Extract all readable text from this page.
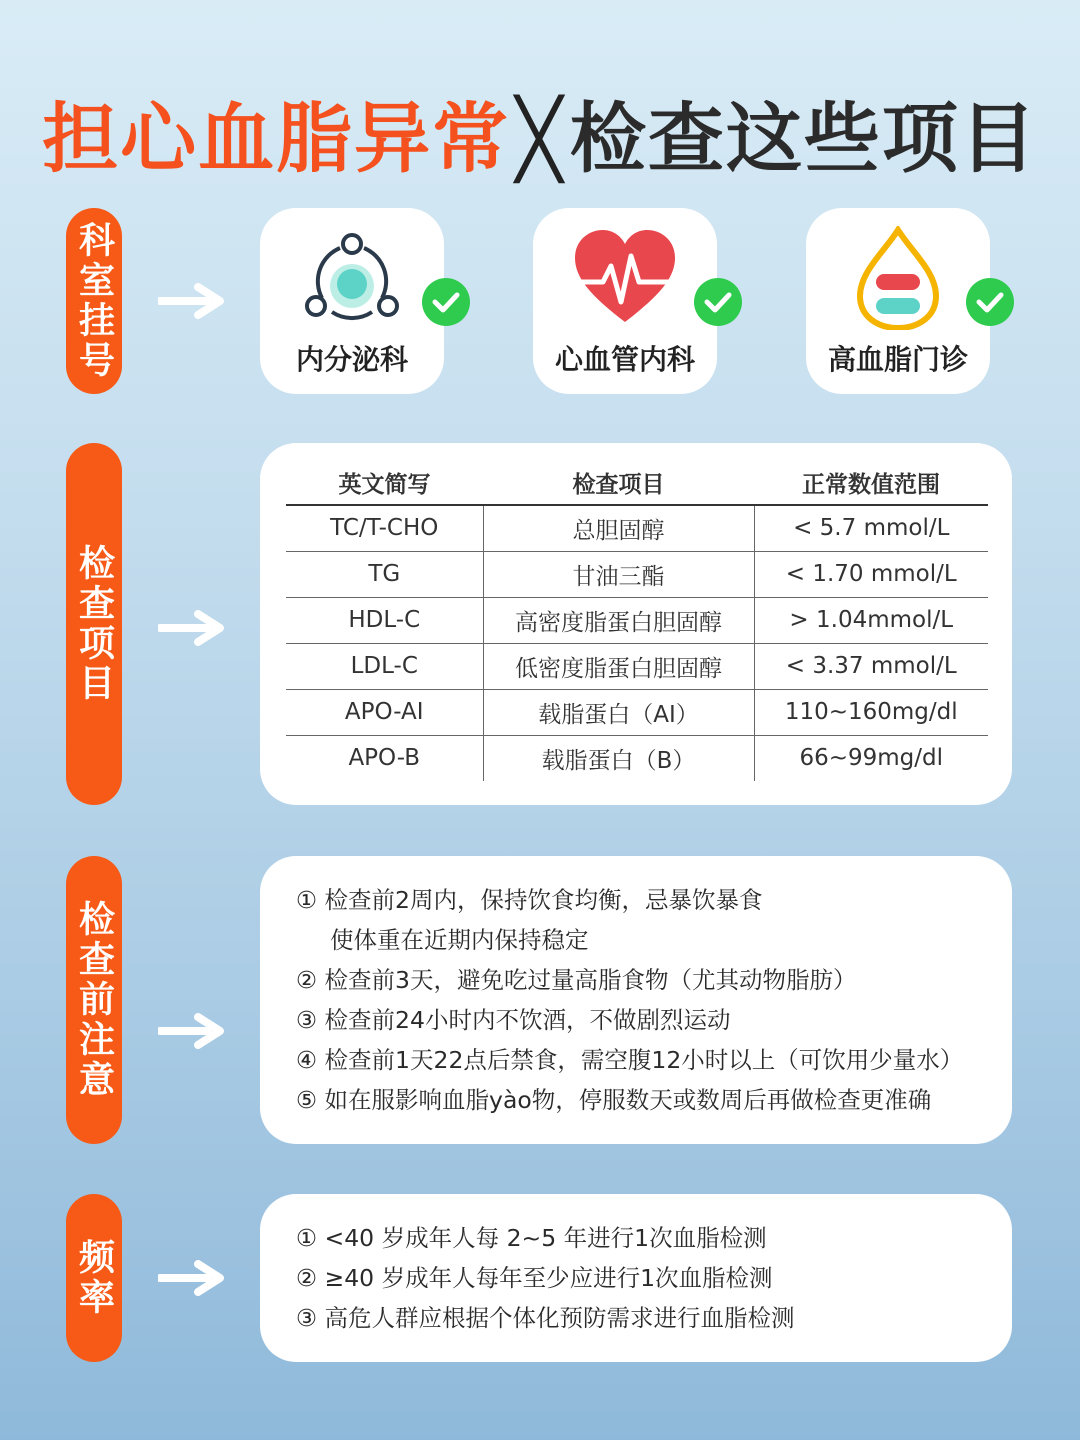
担心血脂异常╳检查这些项目
科室挂号
检查项目
检查前注意
频率
内分泌科	心血管内科	高血脂门诊
英文简写	检查项目	正常数值范围
TC/T-CHO	总胆固醇	< 5.7 mmol/L
TG	甘油三酯	< 1.70 mmol/L
HDL-C	高密度脂蛋白胆固醇	> 1.04mmol/L
LDL-C	低密度脂蛋白胆固醇	< 3.37 mmol/L
APO-AI	载脂蛋白（AI）	110~160mg/dl
APO-B	载脂蛋白（B）	66~99mg/dl
① 检查前2周内，保持饮食均衡，忌暴饮暴食
使体重在近期内保持稳定
② 检查前3天，避免吃过量高脂食物（尤其动物脂肪）
③ 检查前24小时内不饮酒，不做剧烈运动
④ 检查前1天22点后禁食，需空腹12小时以上（可饮用少量水）
⑤ 如在服影响血脂yào物，停服数天或数周后再做检查更准确
① <40 岁成年人每 2~5 年进行1次血脂检测
② ≥40 岁成年人每年至少应进行1次血脂检测
③ 高危人群应根据个体化预防需求进行血脂检测
